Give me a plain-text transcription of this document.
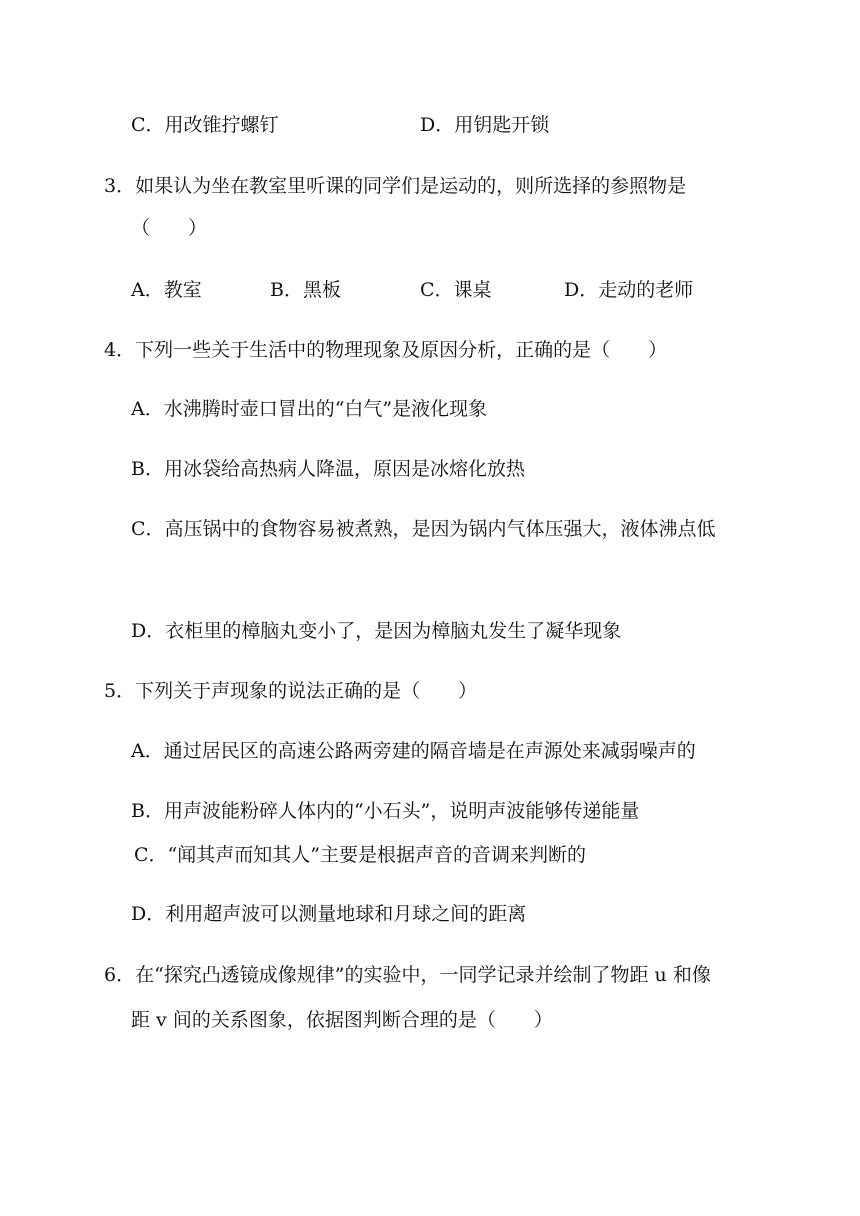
C．用改锥拧螺钉	D．用钥匙开锁
3．如果认为坐在教室里听课的同学们是运动的，则所选择的参照物是
（　　）
A．教室	B．黑板	C．课桌	D．走动的老师
4．下列一些关于生活中的物理现象及原因分析，正确的是（　　）
A．水沸腾时壶口冒出的“白气”是液化现象
B．用冰袋给高热病人降温，原因是冰熔化放热
C．高压锅中的食物容易被煮熟，是因为锅内气体压强大，液体沸点低
D．衣柜里的樟脑丸变小了，是因为樟脑丸发生了凝华现象
5．下列关于声现象的说法正确的是（　　）
A．通过居民区的高速公路两旁建的隔音墙是在声源处来减弱噪声的
B．用声波能粉碎人体内的“小石头”，说明声波能够传递能量
C．“闻其声而知其人”主要是根据声音的音调来判断的
D．利用超声波可以测量地球和月球之间的距离
6．在“探究凸透镜成像规律”的实验中，一同学记录并绘制了物距 u 和像
距 v 间的关系图象，依据图判断合理的是（　　）
